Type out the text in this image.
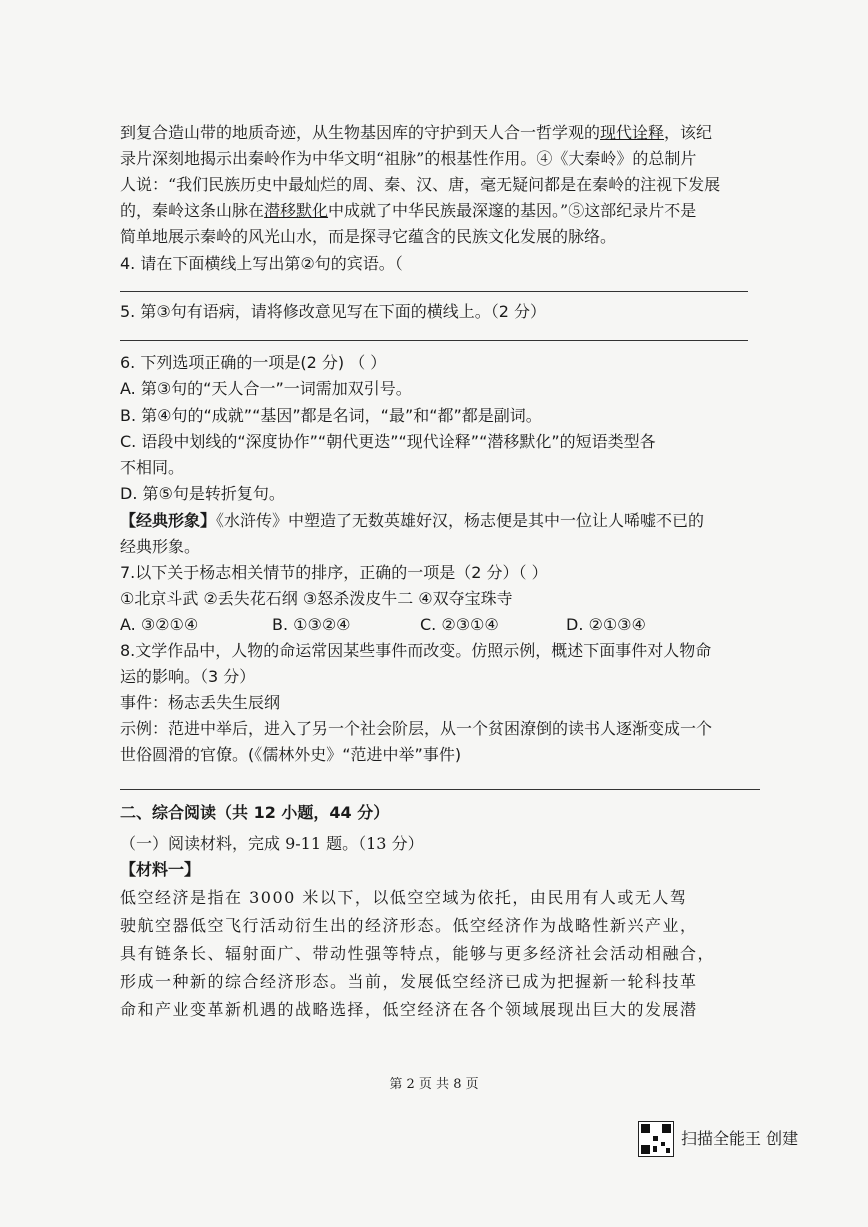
到复合造山带的地质奇迹，从生物基因库的守护到天人合一哲学观的现代诠释，该纪
录片深刻地揭示出秦岭作为中华文明“祖脉”的根基性作用。④《大秦岭》的总制片
人说：“我们民族历史中最灿烂的周、秦、汉、唐，毫无疑问都是在秦岭的注视下发展
的，秦岭这条山脉在潜移默化中成就了中华民族最深邃的基因。”⑤这部纪录片不是
简单地展示秦岭的风光山水，而是探寻它蕴含的民族文化发展的脉络。
4. 请在下面横线上写出第②句的宾语。（
5. 第③句有语病，请将修改意见写在下面的横线上。（2 分）
6. 下列选项正确的一项是(2 分) （ ）
A. 第③句的“天人合一”一词需加双引号。
B. 第④句的“成就”“基因”都是名词，“最”和“都”都是副词。
C. 语段中划线的“深度协作”“朝代更迭”“现代诠释”“潜移默化”的短语类型各
不相同。
D. 第⑤句是转折复句。
【经典形象】《水浒传》中塑造了无数英雄好汉，杨志便是其中一位让人唏嘘不已的
经典形象。
7.以下关于杨志相关情节的排序，正确的一项是（2 分）（ ）
①北京斗武 ②丢失花石纲 ③怒杀泼皮牛二 ④双夺宝珠寺
A. ③②①④	B. ①③②④	C. ②③①④	D. ②①③④
8.文学作品中，人物的命运常因某些事件而改变。仿照示例，概述下面事件对人物命
运的影响。（3 分）
事件：杨志丢失生辰纲
示例：范进中举后，进入了另一个社会阶层，从一个贫困潦倒的读书人逐渐变成一个
世俗圆滑的官僚。(《儒林外史》“范进中举”事件)
二、综合阅读（共 12 小题，44 分）
（一）阅读材料，完成 9-11 题。（13 分）
【材料一】
低空经济是指在 3000 米以下，以低空空域为依托，由民用有人或无人驾
驶航空器低空飞行活动衍生出的经济形态。低空经济作为战略性新兴产业，
具有链条长、辐射面广、带动性强等特点，能够与更多经济社会活动相融合，
形成一种新的综合经济形态。当前，发展低空经济已成为把握新一轮科技革
命和产业变革新机遇的战略选择，低空经济在各个领域展现出巨大的发展潜
第 2 页 共 8 页
扫描全能王 创建
